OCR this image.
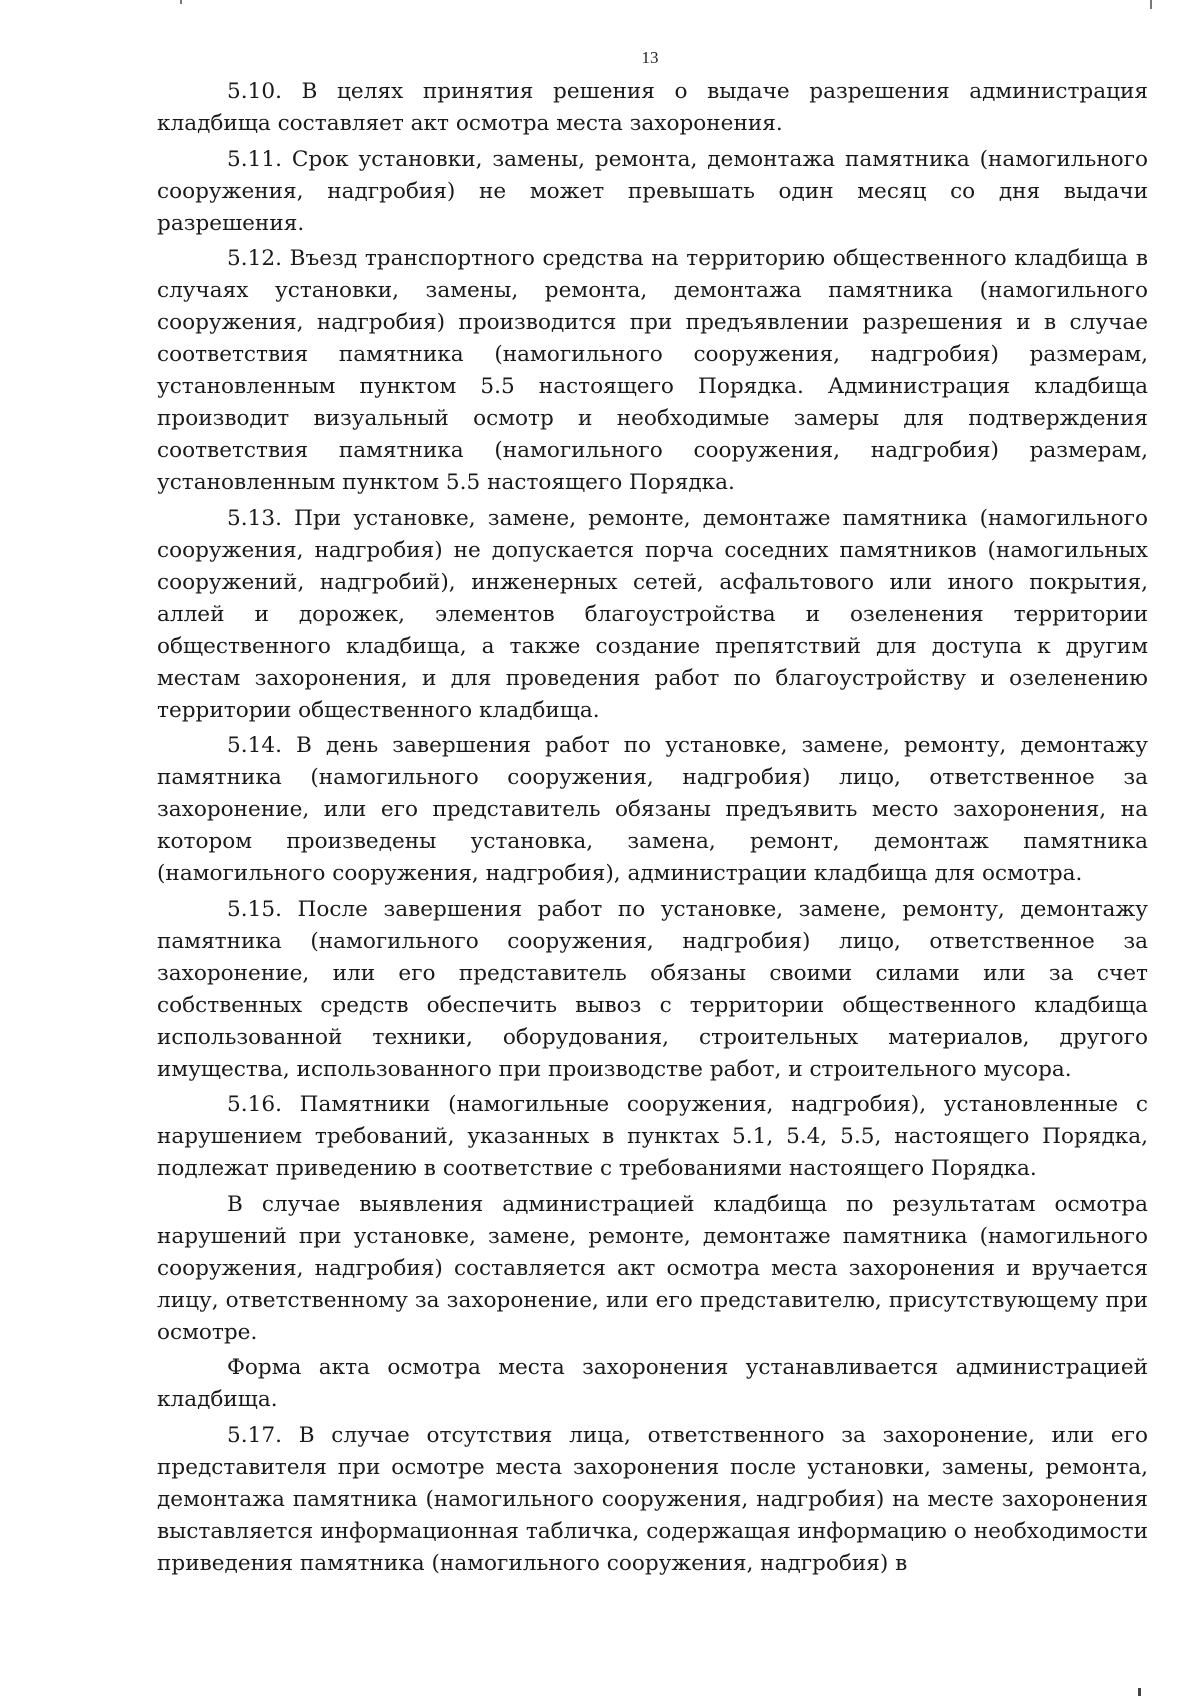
13

5.10. В целях принятия решения о выдаче разрешения администрация кладбища составляет акт осмотра места захоронения.

5.11. Срок установки, замены, ремонта, демонтажа памятника (намогильного сооружения, надгробия) не может превышать один месяц со дня выдачи разрешения.

5.12. Въезд транспортного средства на территорию общественного кладбища в случаях установки, замены, ремонта, демонтажа памятника (намогильного сооружения, надгробия) производится при предъявлении разрешения и в случае соответствия памятника (намогильного сооружения, надгробия) размерам, установленным пунктом 5.5 настоящего Порядка. Администрация кладбища производит визуальный осмотр и необходимые замеры для подтверждения соответствия памятника (намогильного сооружения, надгробия) размерам, установленным пунктом 5.5 настоящего Порядка.

5.13. При установке, замене, ремонте, демонтаже памятника (намогильного сооружения, надгробия) не допускается порча соседних памятников (намогильных сооружений, надгробий), инженерных сетей, асфальтового или иного покрытия, аллей и дорожек, элементов благоустройства и озеленения территории общественного кладбища, а также создание препятствий для доступа к другим местам захоронения, и для проведения работ по благоустройству и озеленению территории общественного кладбища.

5.14. В день завершения работ по установке, замене, ремонту, демонтажу памятника (намогильного сооружения, надгробия) лицо, ответственное за захоронение, или его представитель обязаны предъявить место захоронения, на котором произведены установка, замена, ремонт, демонтаж памятника (намогильного сооружения, надгробия), администрации кладбища для осмотра.

5.15. После завершения работ по установке, замене, ремонту, демонтажу памятника (намогильного сооружения, надгробия) лицо, ответственное за захоронение, или его представитель обязаны своими силами или за счет собственных средств обеспечить вывоз с территории общественного кладбища использованной техники, оборудования, строительных материалов, другого имущества, использованного при производстве работ, и строительного мусора.

5.16. Памятники (намогильные сооружения, надгробия), установленные с нарушением требований, указанных в пунктах 5.1, 5.4, 5.5, настоящего Порядка, подлежат приведению в соответствие с требованиями настоящего Порядка.

В случае выявления администрацией кладбища по результатам осмотра нарушений при установке, замене, ремонте, демонтаже памятника (намогильного сооружения, надгробия) составляется акт осмотра места захоронения и вручается лицу, ответственному за захоронение, или его представителю, присутствующему при осмотре.

Форма акта осмотра места захоронения устанавливается администрацией кладбища.

5.17. В случае отсутствия лица, ответственного за захоронение, или его представителя при осмотре места захоронения после установки, замены, ремонта, демонтажа памятника (намогильного сооружения, надгробия) на месте захоронения выставляется информационная табличка, содержащая информацию о необходимости приведения памятника (намогильного сооружения, надгробия) в
